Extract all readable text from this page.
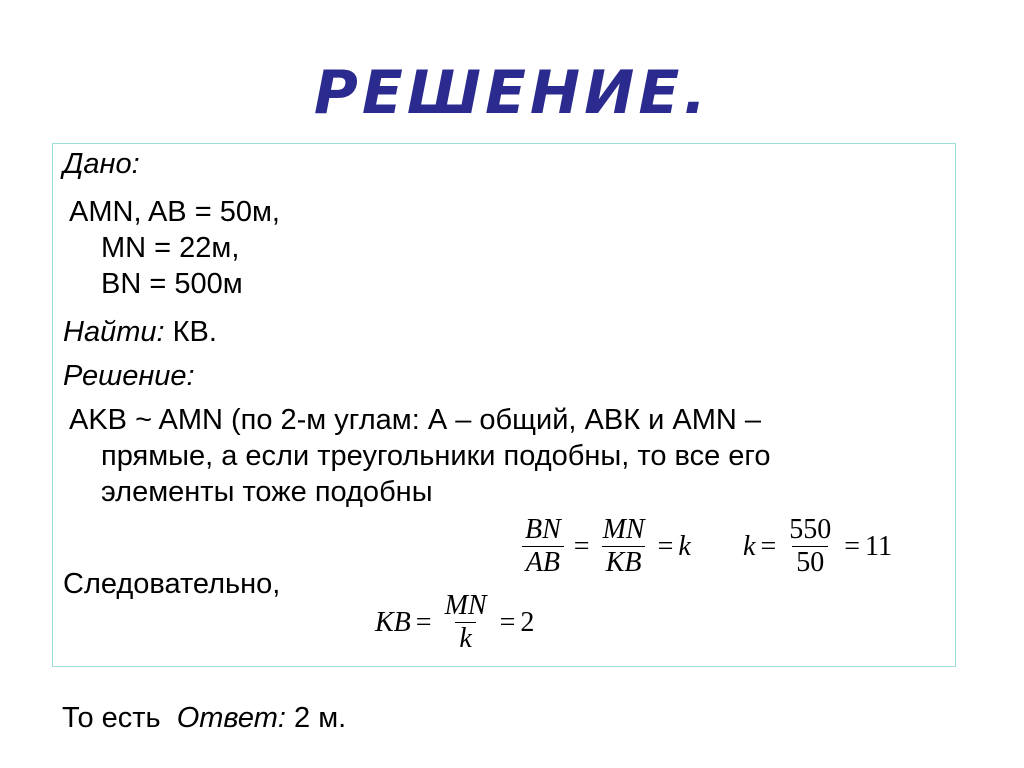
РЕШЕНИЕ.
Дано:
AMN, AB = 50м,
MN = 22м,
BN = 500м
Найти: КВ.
Решение:
AKB ~ AMN (по 2-м углам: А – общий, АВК и АMN –
прямые, а если треугольники подобны, то все его
элементы тоже подобны
Следовательно,
$\frac{BN}{AB} = \frac{MN}{KB} = k$ $k = \frac{550}{50} = 11$
KB = $\frac{MN}{k} = 2$
То есть Ответ: 2 м.
